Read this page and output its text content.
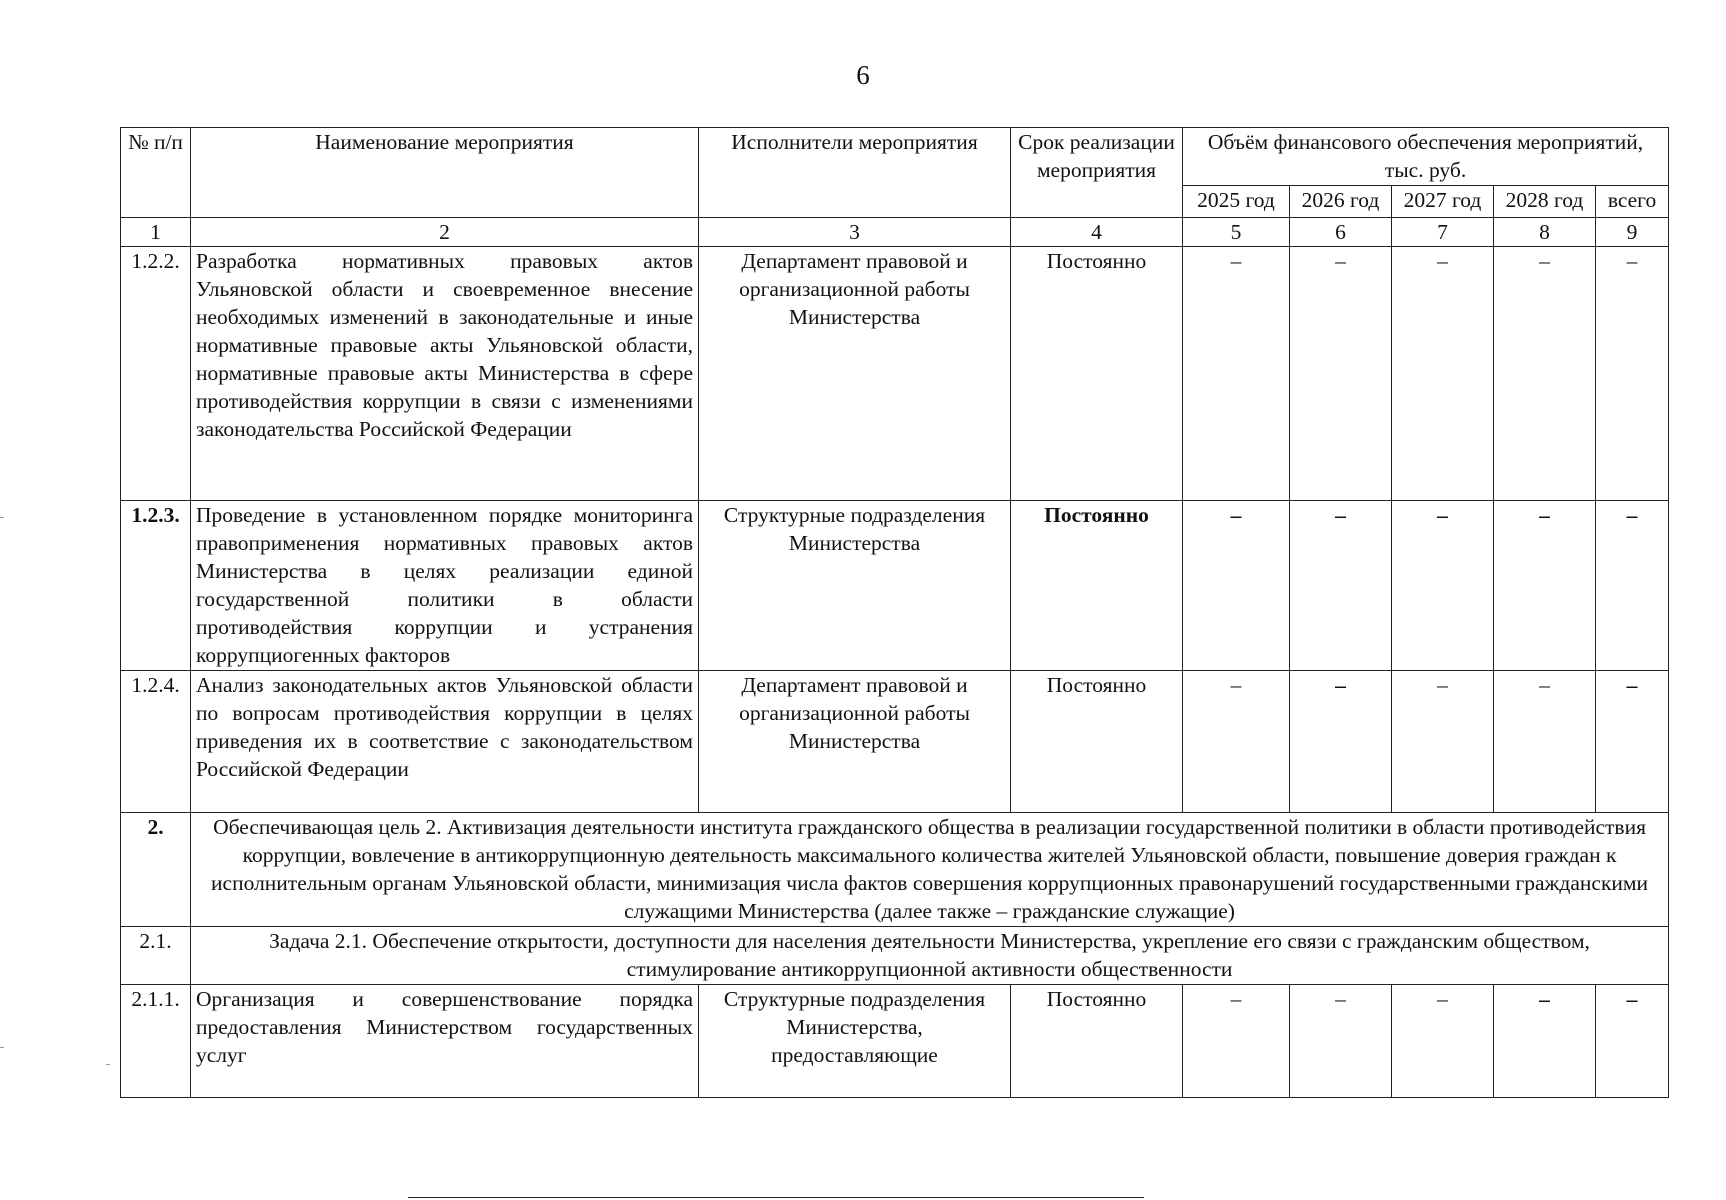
6
№ п/п	Наименование мероприятия	Исполнители мероприятия	Срок реализации мероприятия	Объём финансового обеспечения мероприятий, тыс. руб.				
				2025 год	2026 год	2027 год	2028 год	всего
1	2	3	4	5	6	7	8	9
1.2.2.	Разработка нормативных правовых актов Ульяновской области и своевременное внесение необходимых изменений в законодательные и иные нормативные правовые акты Ульяновской области, нормативные правовые акты Министерства в сфере противодействия коррупции в связи с изменениями законодательства Российской Федерации	Департамент правовой и организационной работы Министерства	Постоянно	–	–	–	–	–
1.2.3.	Проведение в установленном порядке мониторинга правоприменения нормативных правовых актов Министерства в целях реализации единой государственной политики в области противодействия коррупции и устранения коррупциогенных факторов	Структурные подразделения Министерства	Постоянно	–	–	–	–	–
1.2.4.	Анализ законодательных актов Ульяновской области по вопросам противодействия коррупции в целях приведения их в соответствие с законодательством Российской Федерации	Департамент правовой и организационной работы Министерства	Постоянно	–	–	–	–	–
2.	Обеспечивающая цель 2. Активизация деятельности института гражданского общества в реализации государственной политики в области противодействия коррупции, вовлечение в антикоррупционную деятельность максимального количества жителей Ульяновской области, повышение доверия граждан к исполнительным органам Ульяновской области, минимизация числа фактов совершения коррупционных правонарушений государственными гражданскими служащими Министерства (далее также – гражданские служащие)							
2.1.	Задача 2.1. Обеспечение открытости, доступности для населения деятельности Министерства, укрепление его связи с гражданским обществом, стимулирование антикоррупционной активности общественности							
2.1.1.	Организация и совершенствование порядка предоставления Министерством государственных услуг	Структурные подразделения Министерства, предоставляющие	Постоянно	–	–	–	–	–
